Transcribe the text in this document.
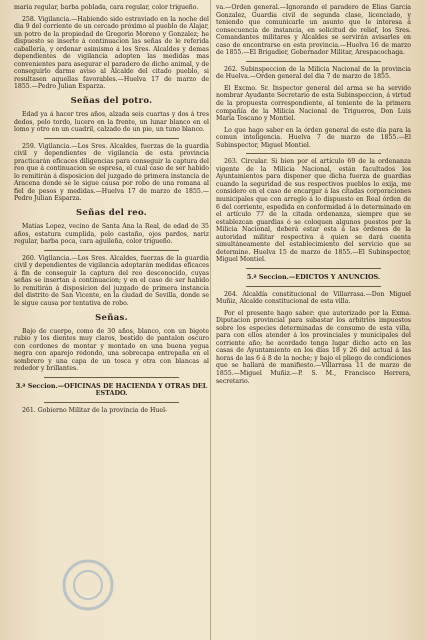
maria regular, barba poblada, cara regular, color trigueño.

258. Vigilancia.—Habiendo sido estraviado en la noche del dia 9 del corriente de un cercado próximo al pueblo de Alajar, un potro de la propiedad de Gregorio Moreno y Gonzalez; he dispuesto se inserte á continuacion las señas de le referida caballería, y ordenar asimismo á los Sres. Alcaldes y demas dependientes de vigilancia adopten las medidas mas convenientes para asegurar el paradero de dicho animal, y de conseguirlo darme aviso al Alcalde del citado pueblo, si resultasen aquellas favorables.—Huelva 17 de marzo de 1855.—Pedro Julian Esparza.

Señas del potro.

Edad ya á hacer tres años, alzada seis cuartas y dos á tres dedos, pelo tordo, lucero en la frente, un lunar blanco en el lomo y otro en un cuadril, calzado de un pie, un tuno blanco.

259. Vigilancia.—Los Sres. Alcaldes, fuerzas de la guardia civil y dependientes de vigilancia de esta provincia practicarán eficaces diligencias para conseguir la captura del reo que á continuacion se espresa, el cual caso de ser habido lo remitirán á disposicion del juzgado de primera instancia de Aracena donde se le sigue causa por robo de una romana al fiel de pesos y medidas.—Huelva 17 de marzo de 1855.—Pedro Julian Esparza.

Señas del reo.

Matias Lopez, vecino de Santa Ana la Real, de edad de 35 años, estatura cumplida, pelo castaño, ojos pardos, nariz regular, barba poca, cara aguileña, color trigueño.

260. Vigilancia.—Los Sres. Alcaldes, fuerzas de la guardia civil y dependientes de vigilancia adoptarán medidas eficaces á fin de conseguir la captura del reo desconocido, cuyas señas se insertan á continuacion; y en el caso de ser habido lo remitirán á disposicion del juzgado de primera instancia del distrito de San Vicente, en la ciudad de Sevilla, donde se le sigue causa por tentativa de robo.

Señas.

Bajo de cuerpo, como de 30 años, blanco, con un bigote rubio y los dientes muy claros, bestido de pantalon oscuro con cordones de montar y montado en una buena yegua negra con aparejo redondo, una sobrecapa entrepaña en el sombrero y una capa de un tosca y otra con blancas al rededor y brillantes.

3.ª Seccion.—OFICINAS DE HACIENDA Y OTRAS DEL ESTADO.

261. Gobierno Militar de la provincia de Huel-

va.—Orden general.—Ignorando el paradero de Elias Garcia Gonzalez, Guardia civil de segunda clase, licenciado, y teniendo que comunicarle un asunto que le interesa á consecuencia de instancia, en solicitud de relief, los Sres. Comandantes militares y Alcaldes se servirán avisarles en caso de encontrarse en esta provincia.—Huelva 16 de marzo de 1855.—El Brigadier, Gobernador Militar, Arespacochaga.

262. Subinspeccion de la Milicia Nacional de la provincia de Huelva.—Orden general del dia 7 de marzo de 1855.

El Excmo. Sr. Inspector general del arma se ha servido nombrar Ayudante Secretario de esta Subinspeccion, á virtud de la propuesta correspondiente, al teniente de la primera compañía de la Milicia Nacional de Trigueros, Don Luis María Toscano y Montiel.

Lo que hago saber en la órden general de este dia para la comun inteligencia. Huelva 7 de marzo de 1855.—El Subinspector, Miguel Montiel.

263. Circular. Si bien por el artículo 69 de la ordenanza vigente de la Milicia Nacional, están facultados los Ayuntamientos para disponer que dicha fuerza de guardias cuando la seguridad de sus respectivos pueblos lo exija, me considero en el caso de encargar á las citadas corporaciones municipales que con arreglo á lo dispuesto en Real órden de 6 del corriente, espedida en conformidad á lo determinado en el artículo 77 de la citada ordenanza, siempre que se establezcan guardias ó se coloquen algunos puestos por la Milicia Nacional, deberá estar esta á las órdenes de la autoridad militar respectiva á quien se dará cuenta simultáneamente del establecimiento del servicio que se determine. Huelva 15 de marzo de 1855.—El Subinspector, Miguel Montiel.

5.ª Seccion.—EDICTOS Y ANUNCIOS.

264. Alcaldía constitucional de Villarrasa.—Don Miguel Muñiz, Alcalde constitucional de esta villa.

Por el presente hago saber: que autorizado por la Exma. Diputacion provincial para subastar los arbitrios impuestos sobre los especies determinadas de consumo de esta villa, para con ellos atender á los provinciales y municipales del corriente año; he acordado tenga lugar dicho acto en las casas de Ayuntamiento en los dias 18 y 26 del actual á las horas de las 6 á 8 de la noche; y bajo el pliego de condiciones que se hallará de manifiesto.—Villarrasa 11 de marzo de 1855.—Miguel Muñiz.—P. S. M., Francisco Herrera, secretario.
